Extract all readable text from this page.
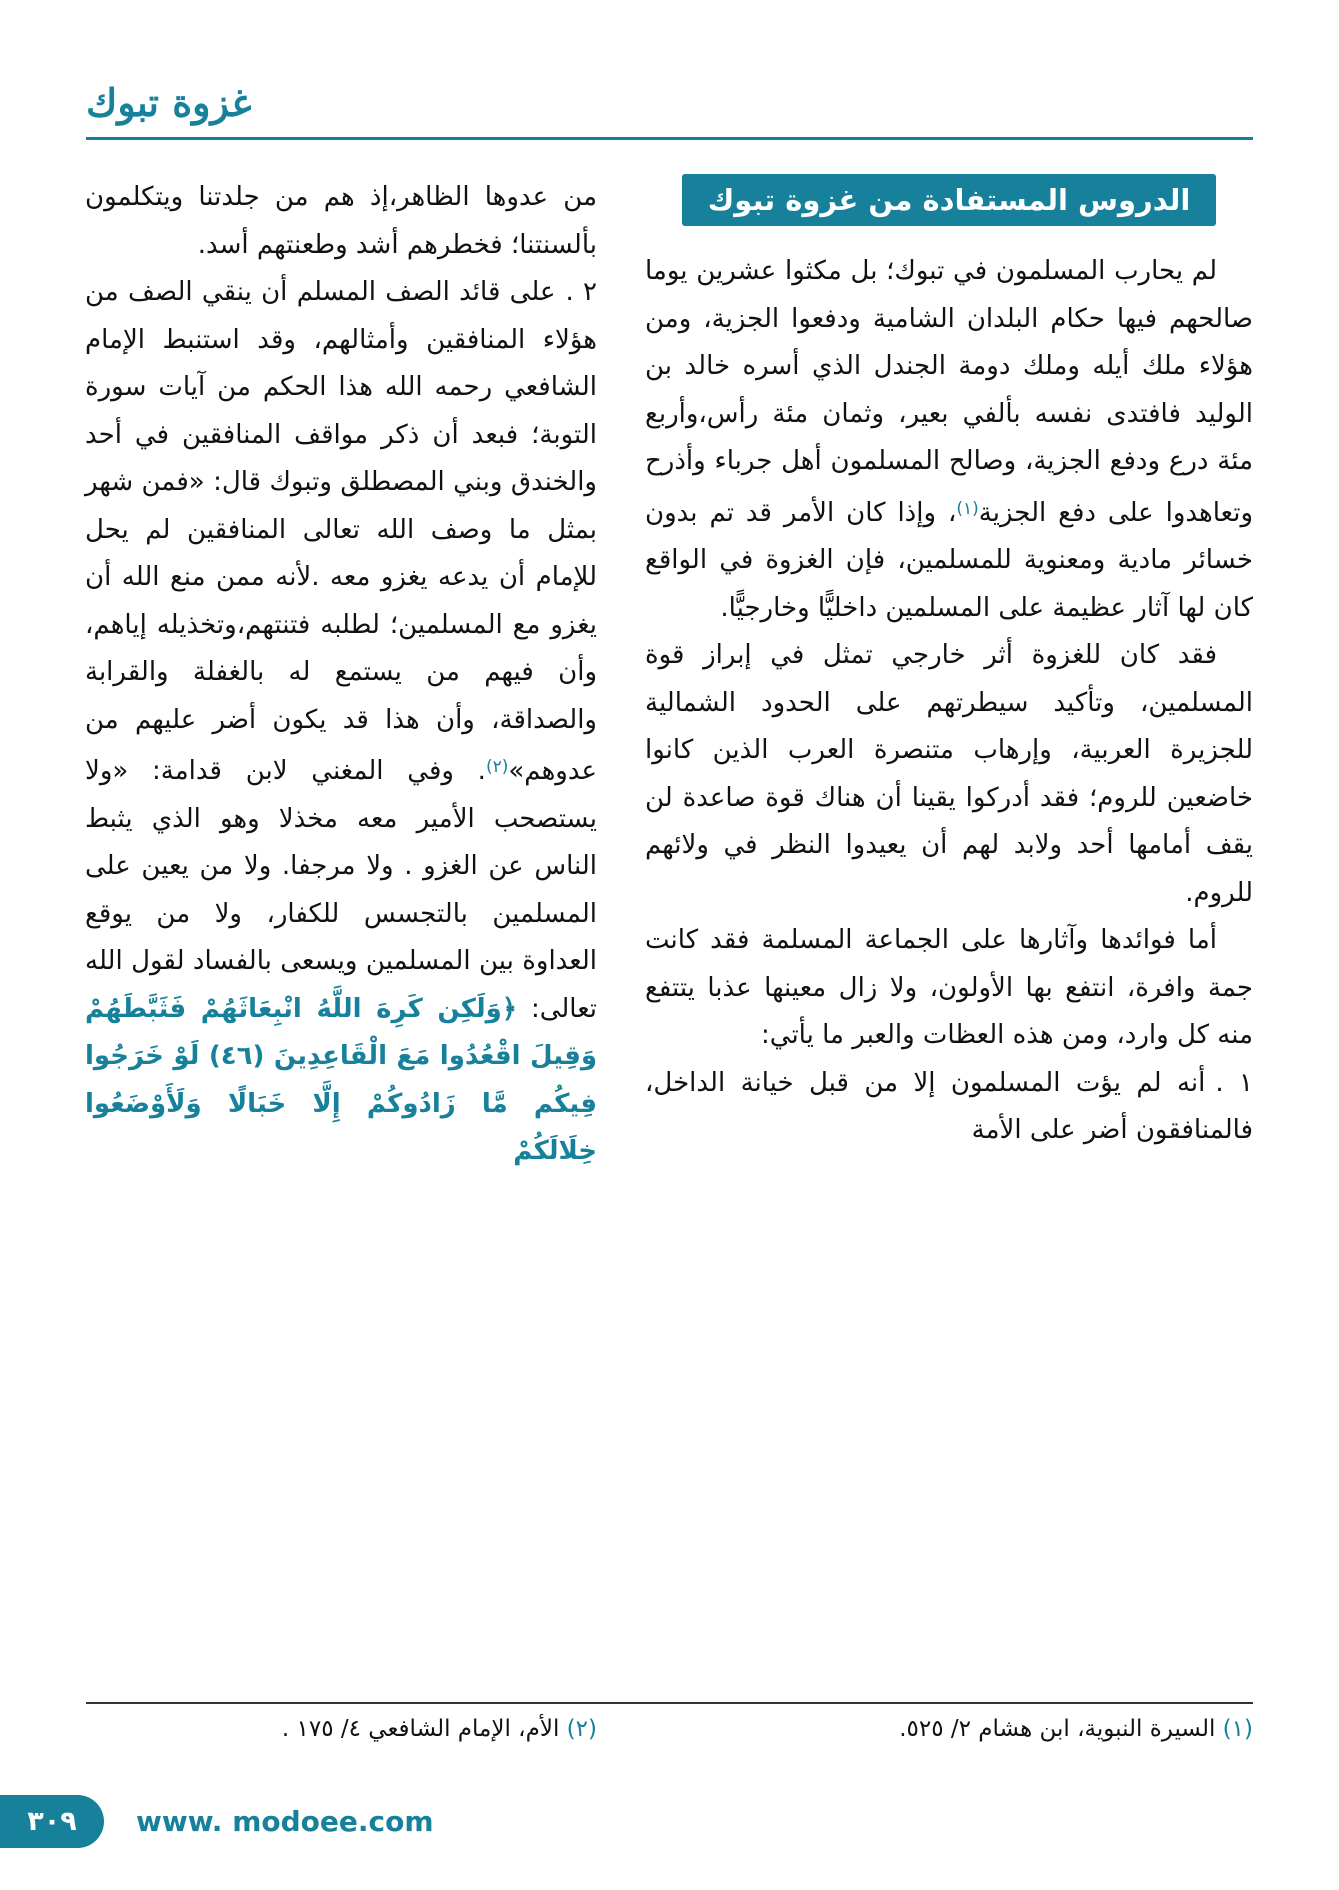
غزوة تبوك
الدروس المستفادة من غزوة تبوك

لم يحارب المسلمون في تبوك؛ بل مكثوا عشرين يوما صالحهم فيها حكام البلدان الشامية ودفعوا الجزية، ومن هؤلاء ملك أيله وملك دومة الجندل الذي أسره خالد بن الوليد فافتدى نفسه بألفي بعير، وثمان مئة رأس،وأربع مئة درع ودفع الجزية، وصالح المسلمون أهل جرباء وأذرح وتعاهدوا على دفع الجزية$^{(١)}$، وإذا كان الأمر قد تم بدون خسائر مادية ومعنوية للمسلمين، فإن الغزوة في الواقع كان لها آثار عظيمة على المسلمين داخليًّا وخارجيًّا.

فقد كان للغزوة أثر خارجي تمثل في إبراز قوة المسلمين، وتأكيد سيطرتهم على الحدود الشمالية للجزيرة العربية، وإرهاب متنصرة العرب الذين كانوا خاضعين للروم؛ فقد أدركوا يقينا أن هناك قوة صاعدة لن يقف أمامها أحد ولابد لهم أن يعيدوا النظر في ولائهم للروم.

أما فوائدها وآثارها على الجماعة المسلمة فقد كانت جمة وافرة، انتفع بها الأولون، ولا زال معينها عذبا يتتفع منه كل وارد، ومن هذه العظات والعبر ما يأتي:

١ .أنه لم يؤت المسلمون إلا من قبل خيانة الداخل، فالمنافقون أضر على الأمة

من عدوها الظاهر،إذ هم من جلدتنا ويتكلمون بألسنتنا؛ فخطرهم أشد وطعنتهم أسد.

٢ .على قائد الصف المسلم أن ينقي الصف من هؤلاء المنافقين وأمثالهم، وقد استنبط الإمام الشافعي رحمه الله هذا الحكم من آيات سورة التوبة؛ فبعد أن ذكر مواقف المنافقين في أحد والخندق وبني المصطلق وتبوك قال: «فمن شهر بمثل ما وصف الله تعالى المنافقين لم يحل للإمام أن يدعه يغزو معه .لأنه ممن منع الله أن يغزو مع المسلمين؛ لطلبه فتنتهم،وتخذيله إياهم، وأن فيهم من يستمع له بالغفلة والقرابة والصداقة، وأن هذا قد يكون أضر عليهم من عدوهم»$^{(٢)}$. وفي المغني لابن قدامة: «ولا يستصحب الأمير معه مخذلا وهو الذي يثبط الناس عن الغزو . ولا مرجفا. ولا من يعين على المسلمين بالتجسس للكفار، ولا من يوقع العداوة بين المسلمين ويسعى بالفساد لقول الله تعالى: ﴿وَلَكِن كَرِهَ اللَّهُ انْبِعَاثَهُمْ فَثَبَّطَهُمْ وَقِيلَ اقْعُدُوا مَعَ الْقَاعِدِينَ (٤٦) لَوْ خَرَجُوا فِيكُم مَّا زَادُوكُمْ إِلَّا خَبَالًا وَلَأَوْضَعُوا خِلَالَكُمْ

(١) السيرة النبوية، ابن هشام ٢/ ٥٢٥.
(٢) الأم، الإمام الشافعي ٤/ ١٧٥ .
٣٠٩	www. modoee.com
